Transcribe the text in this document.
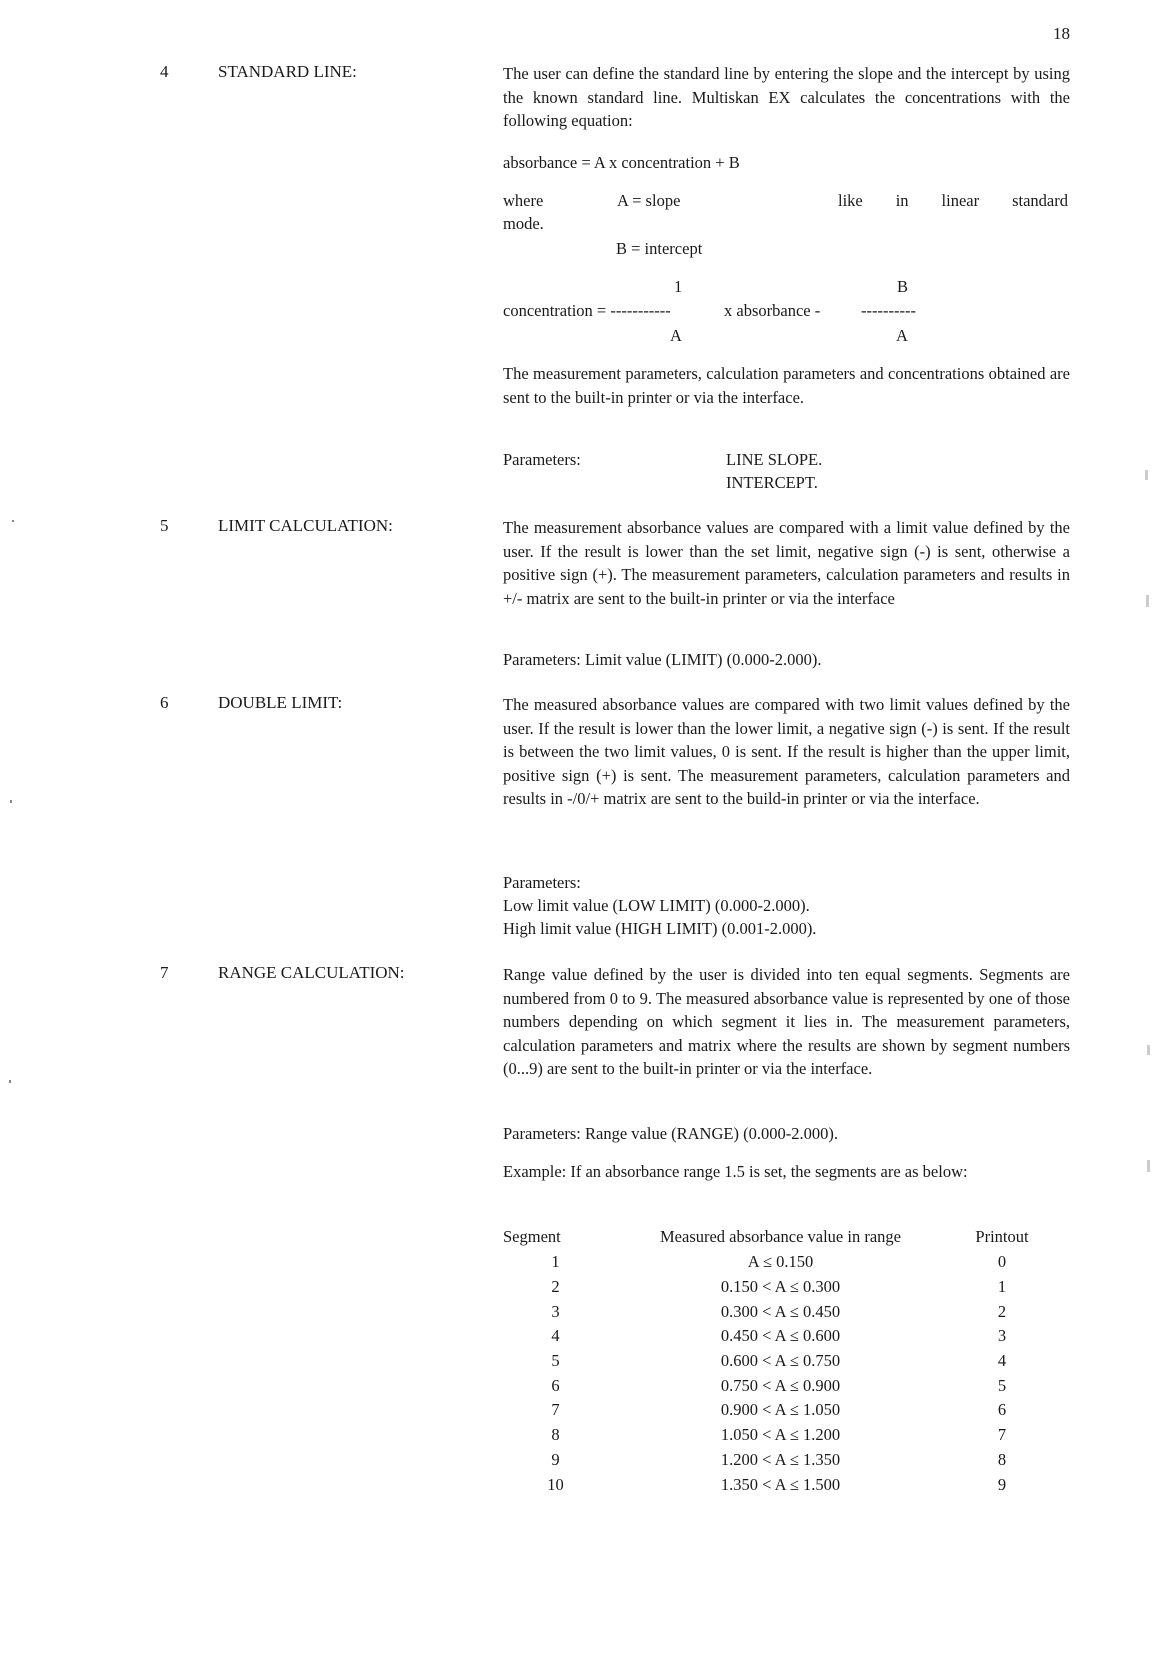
18
4	STANDARD LINE:	The user can define the standard line by entering the slope and the intercept by using the known standard line. Multiskan EX calculates the concentrations with the following equation:
absorbance = A x concentration + B
where	A = slope	like in linear standard
mode.
B = intercept
1	B
concentration = -----------	x absorbance - ----------
A	A
The measurement parameters, calculation parameters and concentrations obtained are sent to the built-in printer or via the interface.
Parameters:	LINE SLOPE.
INTERCEPT.
5	LIMIT CALCULATION:	The measurement absorbance values are compared with a limit value defined by the user. If the result is lower than the set limit, negative sign (-) is sent, otherwise a positive sign (+). The measurement parameters, calculation parameters and results in +/- matrix are sent to the built-in printer or via the interface
Parameters: Limit value (LIMIT) (0.000-2.000).
6	DOUBLE LIMIT:	The measured absorbance values are compared with two limit values defined by the user. If the result is lower than the lower limit, a negative sign (-) is sent. If the result is between the two limit values, 0 is sent. If the result is higher than the upper limit, positive sign (+) is sent. The measurement parameters, calculation parameters and results in -/0/+ matrix are sent to the build-in printer or via the interface.
Parameters:
Low limit value (LOW LIMIT) (0.000-2.000).
High limit value (HIGH LIMIT) (0.001-2.000).
7	RANGE CALCULATION:	Range value defined by the user is divided into ten equal segments. Segments are numbered from 0 to 9. The measured absorbance value is represented by one of those numbers depending on which segment it lies in. The measurement parameters, calculation parameters and matrix where the results are shown by segment numbers (0...9) are sent to the built-in printer or via the interface.
Parameters: Range value (RANGE) (0.000-2.000).
Example: If an absorbance range 1.5 is set, the segments are as below:
Segment	Measured absorbance value in range	Printout
1	A ≤ 0.150	0
2	0.150 < A ≤ 0.300	1
3	0.300 < A ≤ 0.450	2
4	0.450 < A ≤ 0.600	3
5	0.600 < A ≤ 0.750	4
6	0.750 < A ≤ 0.900	5
7	0.900 < A ≤ 1.050	6
8	1.050 < A ≤ 1.200	7
9	1.200 < A ≤ 1.350	8
10	1.350 < A ≤ 1.500	9
